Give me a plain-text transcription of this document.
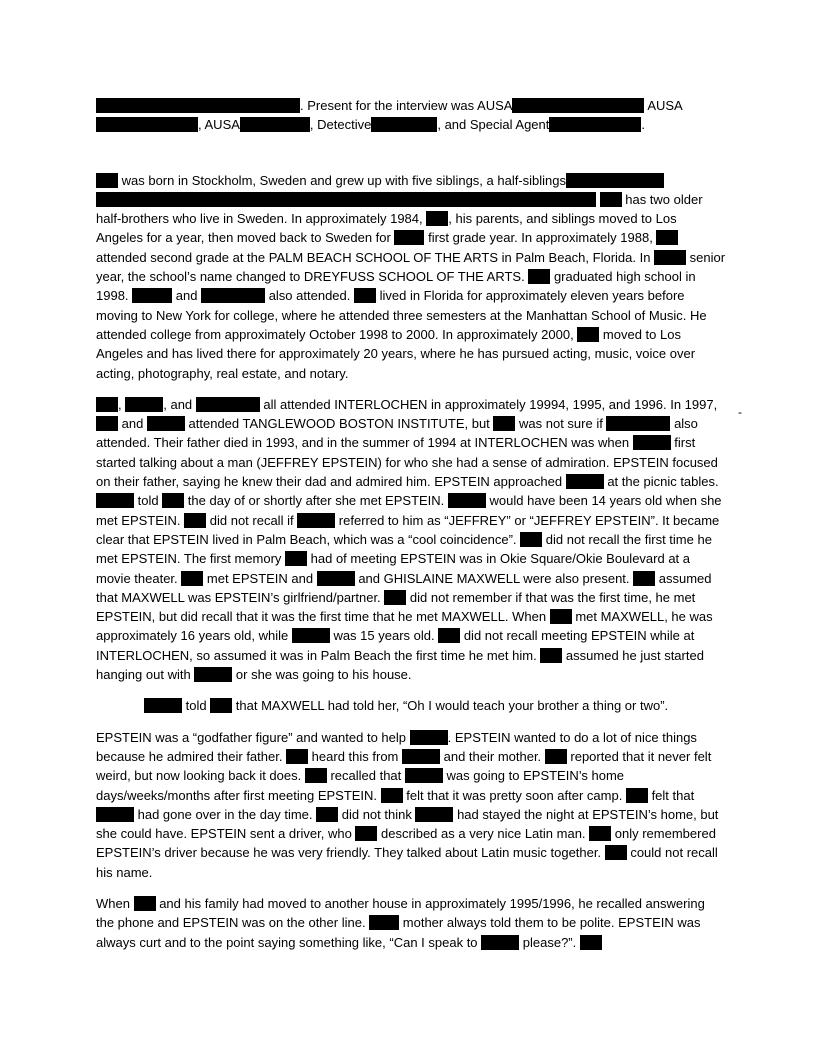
. Present for the interview was AUSA	AUSA , AUSA	, Detective	, and Special Agent	.

was born in Stockholm, Sweden and grew up with five siblings, a half-siblings   has two older half-brothers who live in Sweden. In approximately 1984, , his parents, and siblings moved to Los Angeles for a year, then moved back to Sweden for  first grade year. In approximately 1988,  attended second grade at the PALM BEACH SCHOOL OF THE ARTS in Palm Beach, Florida. In  senior year, the school’s name changed to DREYFUSS SCHOOL OF THE ARTS.  graduated high school in 1998.	and	also attended.  lived in Florida for approximately eleven years before moving to New York for college, where he attended three semesters at the Manhattan School of Music. He attended college from approximately October 1998 to 2000. In approximately 2000,  moved to Los Angeles and has lived there for approximately 20 years, where he has pursued acting, music, voice over acting, photography, real estate, and notary.

,	, and	all attended INTERLOCHEN in approximately 19994, 1995, and 1996. In 1997,  and	attended TANGLEWOOD BOSTON INSTITUTE, but  was not sure if	also attended. Their father died in 1993, and in the summer of 1994 at INTERLOCHEN was when	first started talking about a man (JEFFREY EPSTEIN) for who she had a sense of admiration. EPSTEIN focused on their father, saying he knew their dad and admired him. EPSTEIN approached	at the picnic tables.  told  the day of or shortly after she met EPSTEIN.	would have been 14 years old when she met EPSTEIN.  did not recall if	referred to him as “JEFFREY” or “JEFFREY EPSTEIN”. It became clear that EPSTEIN lived in Palm Beach, which was a “cool coincidence”.  did not recall the first time he met EPSTEIN. The first memory  had of meeting EPSTEIN was in Okie Square/Okie Boulevard at a movie theater.  met EPSTEIN and	and GHISLAINE MAXWELL were also present.  assumed that MAXWELL was EPSTEIN’s girlfriend/partner.  did not remember if that was the first time, he met EPSTEIN, but did recall that it was the first time that he met MAXWELL. When  met MAXWELL, he was approximately 16 years old, while	was 15 years old.  did not recall meeting EPSTEIN while at INTERLOCHEN, so assumed it was in Palm Beach the first time he met him.  assumed he just started hanging out with	or she was going to his house.

told  that MAXWELL had told her, “Oh I would teach your brother a thing or two”.

EPSTEIN was a “godfather figure” and wanted to help	. EPSTEIN wanted to do a lot of nice things because he admired their father.  heard this from	and their mother.  reported that it never felt weird, but now looking back it does.  recalled that	was going to EPSTEIN’s home days/weeks/months after first meeting EPSTEIN.  felt that it was pretty soon after camp.  felt that  had gone over in the day time.  did not think	had stayed the night at EPSTEIN’s home, but she could have. EPSTEIN sent a driver, who  described as a very nice Latin man.  only remembered EPSTEIN’s driver because he was very friendly. They talked about Latin music together.  could not recall his name.

When  and his family had moved to another house in approximately 1995/1996, he recalled answering the phone and EPSTEIN was on the other line.  mother always told them to be polite. EPSTEIN was always curt and to the point saying something like, “Can I speak to	please?”.

-
